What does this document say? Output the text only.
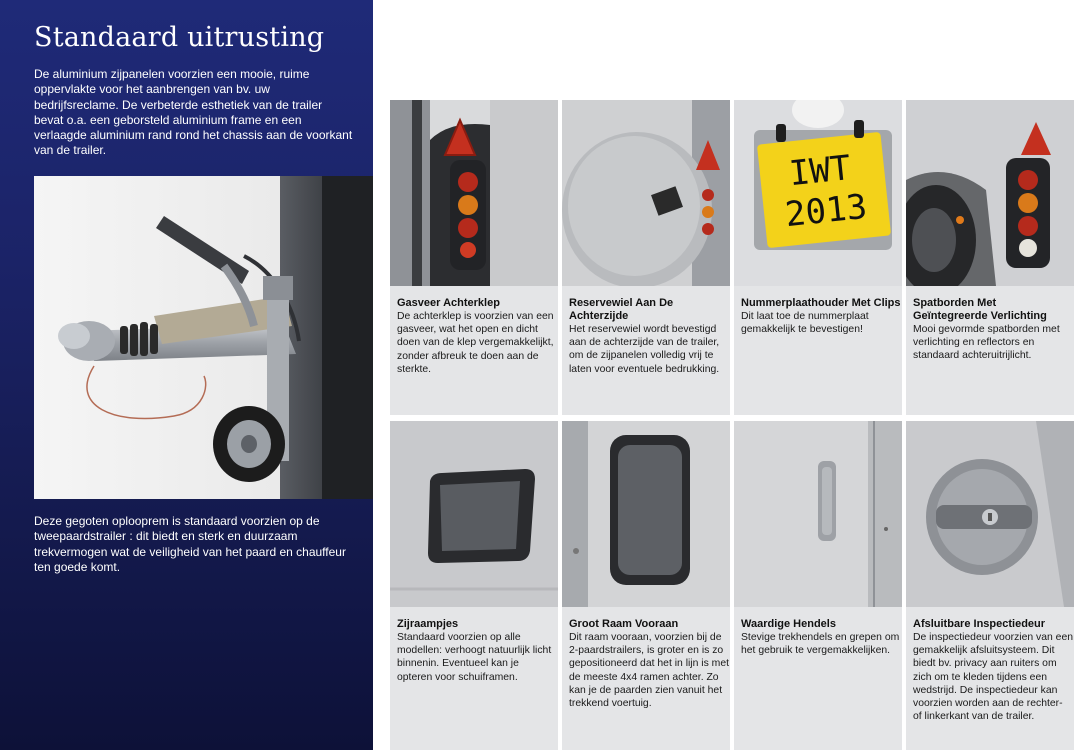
Standaard uitrusting

De aluminium zijpanelen voorzien een mooie, ruime oppervlakte voor het aanbrengen van bv. uw bedrijfsreclame. De verbeterde esthetiek van de trailer bevat o.a. een geborsteld aluminium frame en een verlaagde aluminium rand rond het chassis aan de voorkant van de trailer.

Deze gegoten oplooprem is standaard voorzien op de tweepaardstrailer : dit biedt en sterk en duurzaam trekvermogen wat de veiligheid van het paard en chauffeur ten goede komt.

Gasveer Achterklep
De achterklep is voorzien van een gasveer, wat het open en dicht doen van de klep vergemakkelijkt, zonder afbreuk te doen aan de sterkte.
Reservewiel Aan De Achterzijde
Het reservewiel wordt bevestigd aan de achterzijde van de trailer, om de zijpanelen volledig vrij te laten voor eventuele bedrukking.
IWT
2013
Nummerplaathouder Met Clips
Dit laat toe de nummerplaat gemakkelijk te bevestigen!
Spatborden Met Geïntegreerde Verlichting
Mooi gevormde spatborden met verlichting en reflectors en standaard achteruitrijlicht.
Zijraampjes
Standaard voorzien op alle modellen: verhoogt natuurlijk licht binnenin. Eventueel kan je opteren voor schuiframen.
Groot Raam Vooraan
Dit raam vooraan, voorzien bij de 2-paardstrailers, is groter en is zo gepositioneerd dat het in lijn is met de meeste 4x4 ramen achter. Zo kan je de paarden zien vanuit het trekkend voertuig.
Waardige Hendels
Stevige trekhendels en grepen om het gebruik te vergemakkelijken.
Afsluitbare Inspectiedeur
De inspectiedeur voorzien van een gemakkelijk afsluitsysteem. Dit biedt bv. privacy aan ruiters om zich om te kleden tijdens een wedstrijd. De inspectiedeur kan voorzien worden aan de rechter- of linkerkant van de trailer.
